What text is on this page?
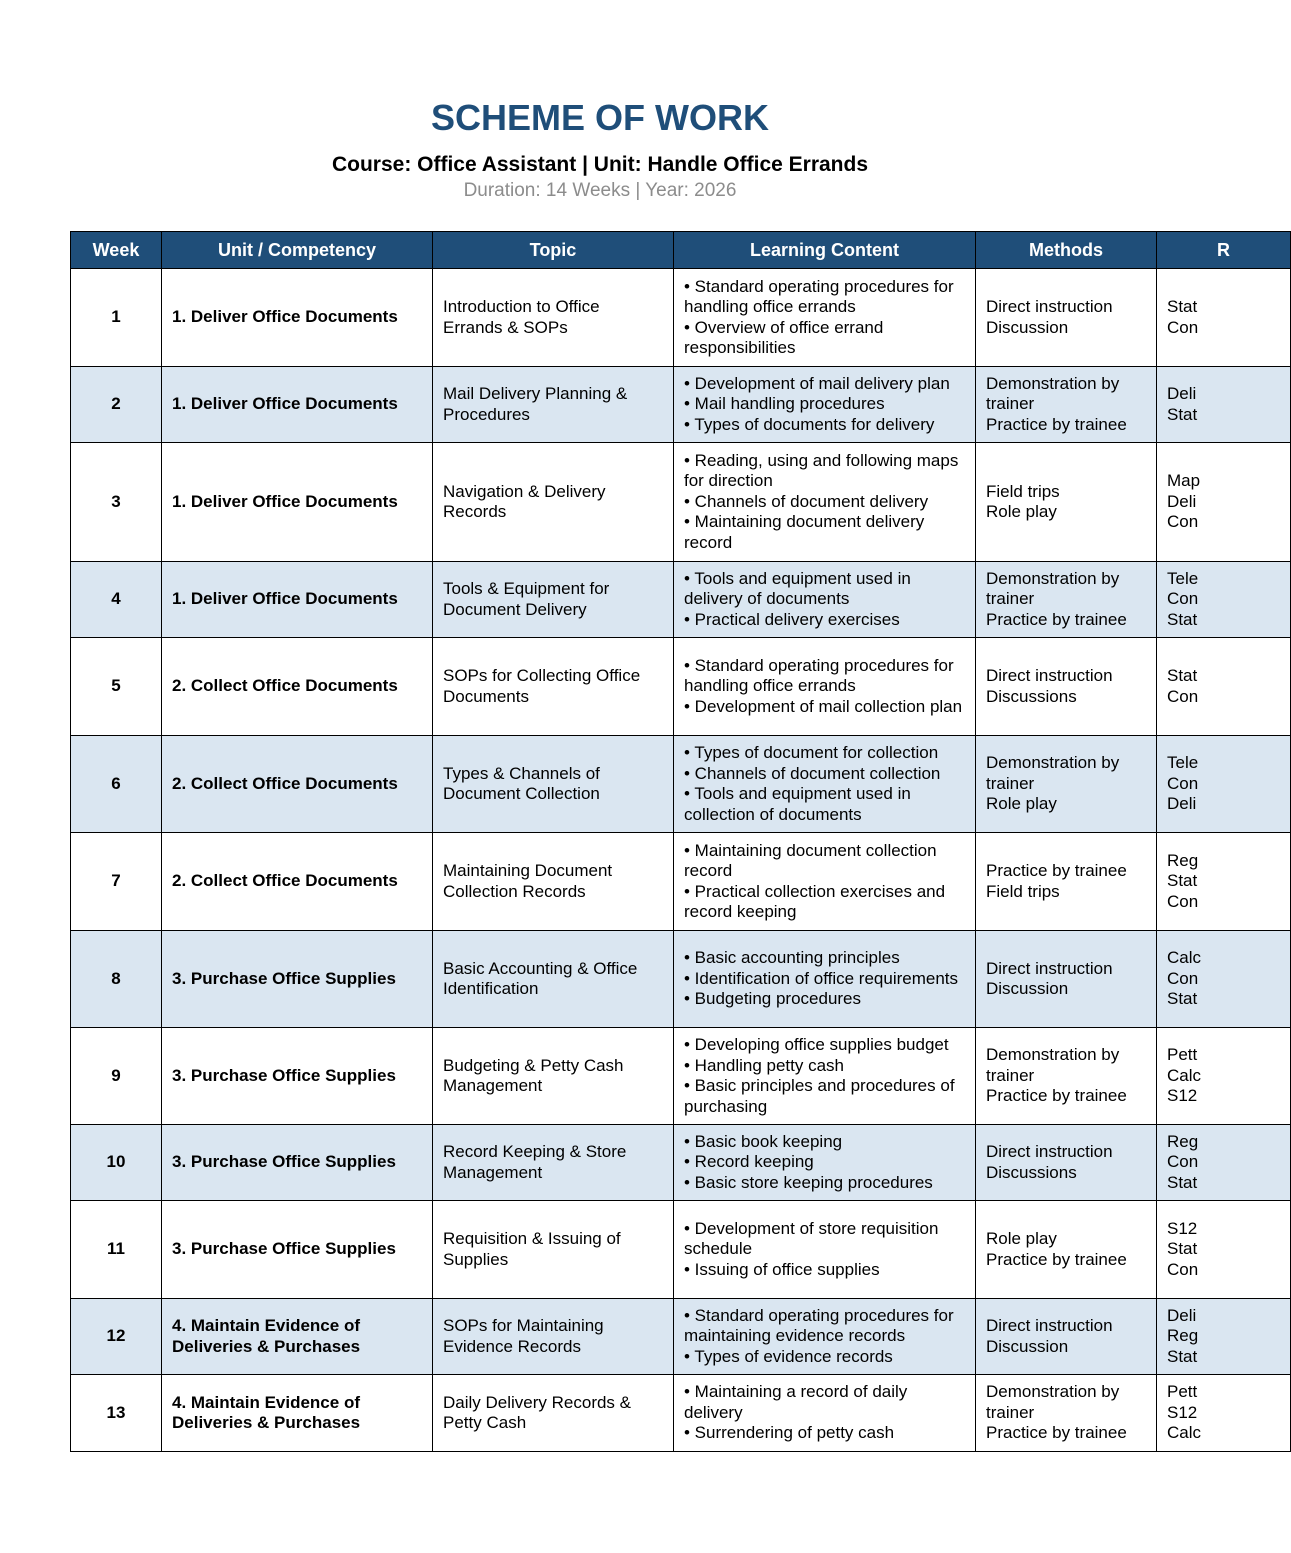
SCHEME OF WORK
Course: Office Assistant | Unit: Handle Office Errands
Duration: 14 Weeks | Year: 2026
Week	Unit / Competency	Topic	Learning Content	Methods	R
1	1. Deliver Office Documents	Introduction to Office Errands & SOPs	• Standard operating procedures for handling office errands
• Overview of office errand responsibilities	Direct instruction
Discussion	Stat
Con

2	1. Deliver Office Documents	Mail Delivery Planning & Procedures	• Development of mail delivery plan
• Mail handling procedures
• Types of documents for delivery	Demonstration by trainer
Practice by trainee	Deli
Stat

3	1. Deliver Office Documents	Navigation & Delivery Records	• Reading, using and following maps for direction
• Channels of document delivery
• Maintaining document delivery record	Field trips
Role play	Map
Deli
Con

4	1. Deliver Office Documents	Tools & Equipment for Document Delivery	• Tools and equipment used in delivery of documents
• Practical delivery exercises	Demonstration by trainer
Practice by trainee	Tele
Con
Stat

5	2. Collect Office Documents	SOPs for Collecting Office Documents	• Standard operating procedures for handling office errands
• Development of mail collection plan	Direct instruction
Discussions	Stat
Con

6	2. Collect Office Documents	Types & Channels of Document Collection	• Types of document for collection
• Channels of document collection
• Tools and equipment used in collection of documents	Demonstration by trainer
Role play	Tele
Con
Deli

7	2. Collect Office Documents	Maintaining Document Collection Records	• Maintaining document collection record
• Practical collection exercises and record keeping	Practice by trainee
Field trips	Reg
Stat
Con

8	3. Purchase Office Supplies	Basic Accounting & Office Identification	• Basic accounting principles
• Identification of office requirements
• Budgeting procedures	Direct instruction
Discussion	Calc
Con
Stat

9	3. Purchase Office Supplies	Budgeting & Petty Cash Management	• Developing office supplies budget
• Handling petty cash
• Basic principles and procedures of purchasing	Demonstration by trainer
Practice by trainee	Pett
Calc
S12

10	3. Purchase Office Supplies	Record Keeping & Store Management	• Basic book keeping
• Record keeping
• Basic store keeping procedures	Direct instruction
Discussions	Reg
Con
Stat

11	3. Purchase Office Supplies	Requisition & Issuing of Supplies	• Development of store requisition schedule
• Issuing of office supplies	Role play
Practice by trainee	S12
Stat
Con

12	4. Maintain Evidence of Deliveries & Purchases	SOPs for Maintaining Evidence Records	• Standard operating procedures for maintaining evidence records
• Types of evidence records	Direct instruction
Discussion	Deli
Reg
Stat

13	4. Maintain Evidence of Deliveries & Purchases	Daily Delivery Records & Petty Cash	• Maintaining a record of daily delivery
• Surrendering of petty cash	Demonstration by trainer
Practice by trainee	Pett
S12
Calc
